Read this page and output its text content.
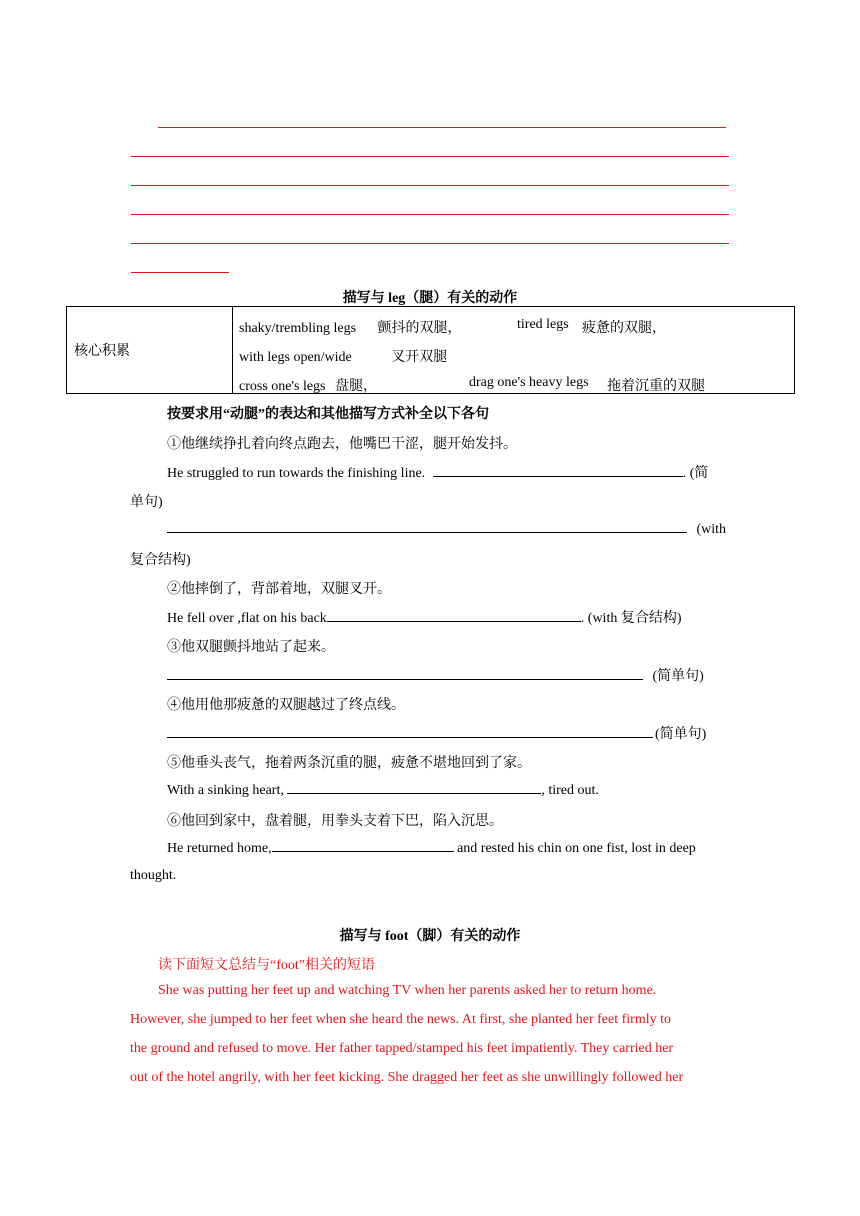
描写与 leg（腿）有关的动作
核心积累	
shaky/trembling legs 颤抖的双腿，	tired legs 疲惫的双腿，
with legs open/wide	叉开双腿
cross one's legs 盘腿，	drag one's heavy legs 拖着沉重的双腿
按要求用“动腿”的表达和其他描写方式补全以下各句
①他继续挣扎着向终点跑去，他嘴巴干涩，腿开始发抖。
He struggled to run towards the finishing line.	. (简
单句)
(with
复合结构)
②他摔倒了，背部着地，双腿叉开。
He fell over ,flat on his back	. (with 复合结构)
③他双腿颤抖地站了起来。
(简单句)
④他用他那疲惫的双腿越过了终点线。
(简单句)
⑤他垂头丧气，拖着两条沉重的腿，疲惫不堪地回到了家。
With a sinking heart,	, tired out.
⑥他回到家中，盘着腿，用拳头支着下巴，陷入沉思。
He returned home,	and rested his chin on one fist, lost in deep
thought.
描写与 foot（脚）有关的动作
读下面短文总结与“foot”相关的短语
She was putting her feet up and watching TV when her parents asked her to return home.
However, she jumped to her feet when she heard the news. At first, she planted her feet firmly to
the ground and refused to move. Her father tapped/stamped his feet impatiently. They carried her
out of the hotel angrily, with her feet kicking. She dragged her feet as she unwillingly followed her
